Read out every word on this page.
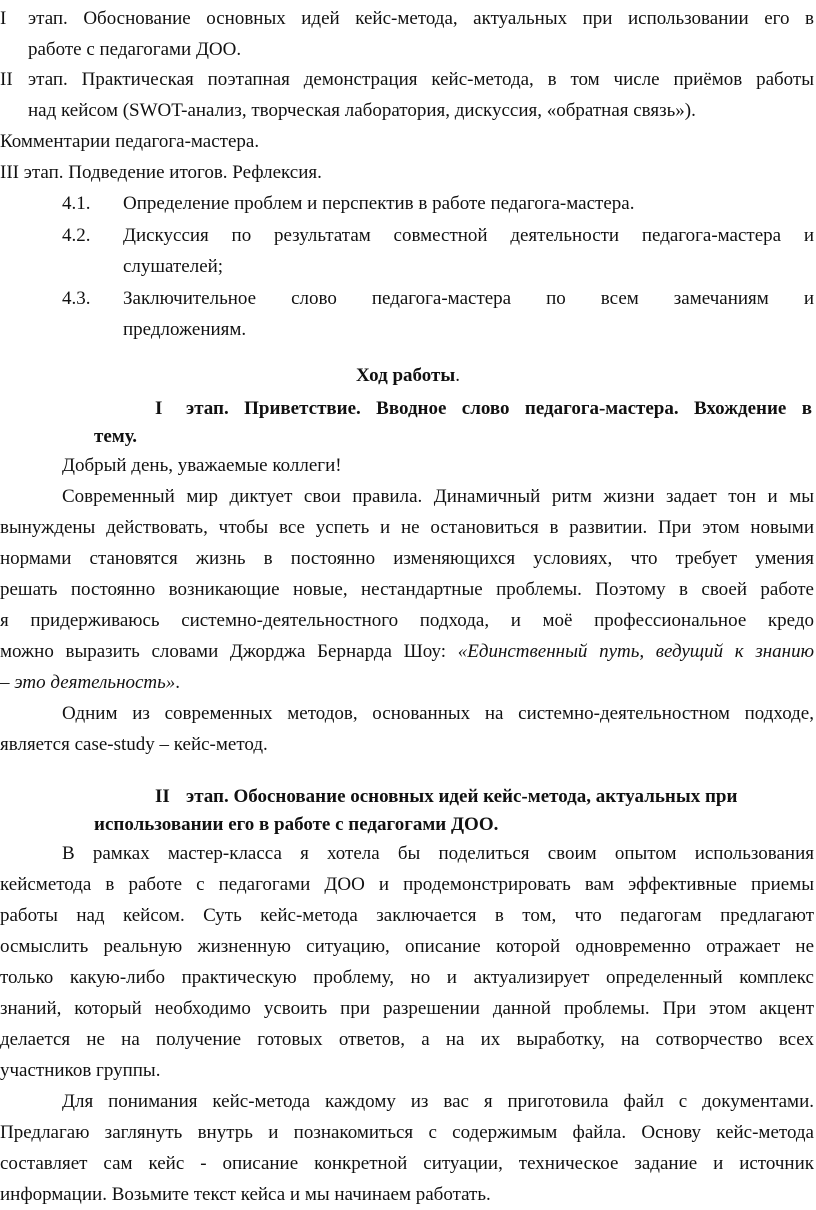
I этап. Обоснование основных идей кейс-метода, актуальных при использовании его в
работе с педагогами ДОО.
II этап. Практическая поэтапная демонстрация кейс-метода, в том числе приёмов работы
над кейсом (SWOT-анализ, творческая лаборатория, дискуссия, «обратная связь»).
Комментарии педагога-мастера.
III этап. Подведение итогов. Рефлексия.
4.1. Определение проблем и перспектив в работе педагога-мастера.
4.2. Дискуссия по результатам совместной деятельности педагога-мастера и
слушателей;
4.3. Заключительное слово педагога-мастера по всем замечаниям и
предложениям.
Ход работы.
I этап. Приветствие. Вводное слово педагога-мастера. Вхождение в
тему.
Добрый день, уважаемые коллеги!
Современный мир диктует свои правила. Динамичный ритм жизни задает тон и мы
вынуждены действовать, чтобы все успеть и не остановиться в развитии. При этом новыми
нормами становятся жизнь в постоянно изменяющихся условиях, что требует умения
решать постоянно возникающие новые, нестандартные проблемы. Поэтому в своей работе
я придерживаюсь системно-деятельностного подхода, и моё профессиональное кредо
можно выразить словами Джорджа Бернарда Шоу: «Единственный путь, ведущий к знанию
– это деятельность».
Одним из современных методов, основанных на системно-деятельностном подходе,
является case-study – кейс-метод.
II этап. Обоснование основных идей кейс-метода, актуальных при
использовании его в работе с педагогами ДОО.
В рамках мастер-класса я хотела бы поделиться своим опытом использования
кейсметода в работе с педагогами ДОО и продемонстрировать вам эффективные приемы
работы над кейсом. Суть кейс-метода заключается в том, что педагогам предлагают
осмыслить реальную жизненную ситуацию, описание которой одновременно отражает не
только какую-либо практическую проблему, но и актуализирует определенный комплекс
знаний, который необходимо усвоить при разрешении данной проблемы. При этом акцент
делается не на получение готовых ответов, а на их выработку, на сотворчество всех
участников группы.
Для понимания кейс-метода каждому из вас я приготовила файл с документами.
Предлагаю заглянуть внутрь и познакомиться с содержимым файла. Основу кейс-метода
составляет сам кейс - описание конкретной ситуации, техническое задание и источник
информации. Возьмите текст кейса и мы начинаем работать.
